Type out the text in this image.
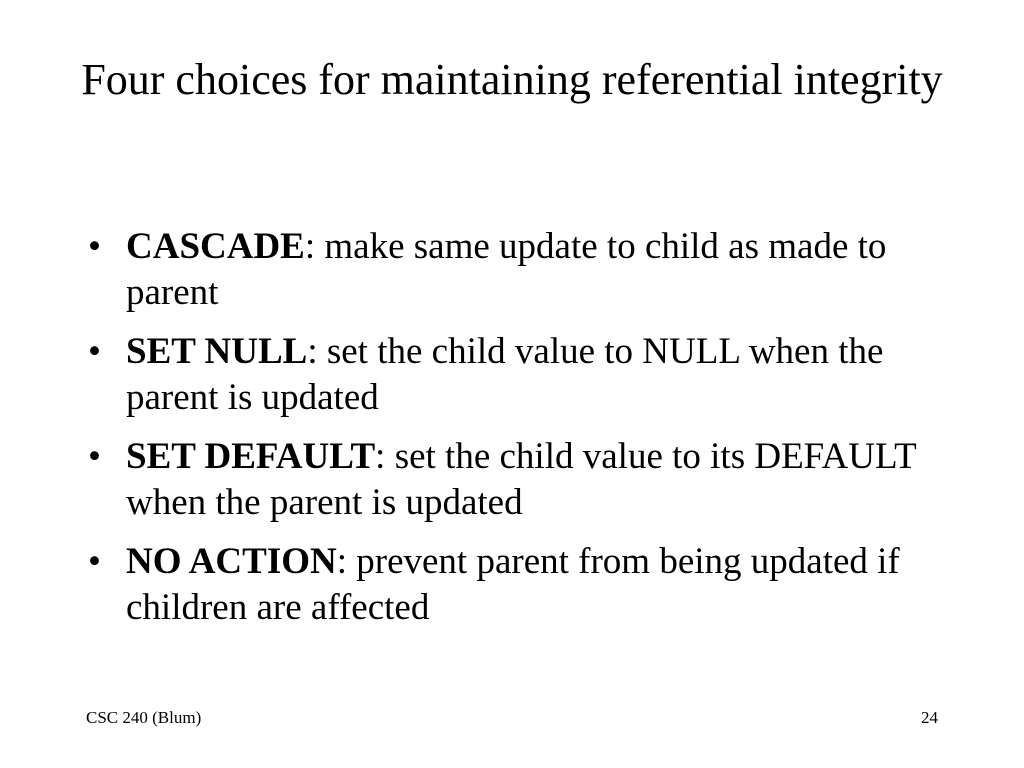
Four choices for maintaining referential integrity
• CASCADE: make same update to child as made to parent
• SET NULL: set the child value to NULL when the parent is updated
• SET DEFAULT: set the child value to its DEFAULT when the parent is updated
• NO ACTION: prevent parent from being updated if children are affected
CSC 240 (Blum)	24
